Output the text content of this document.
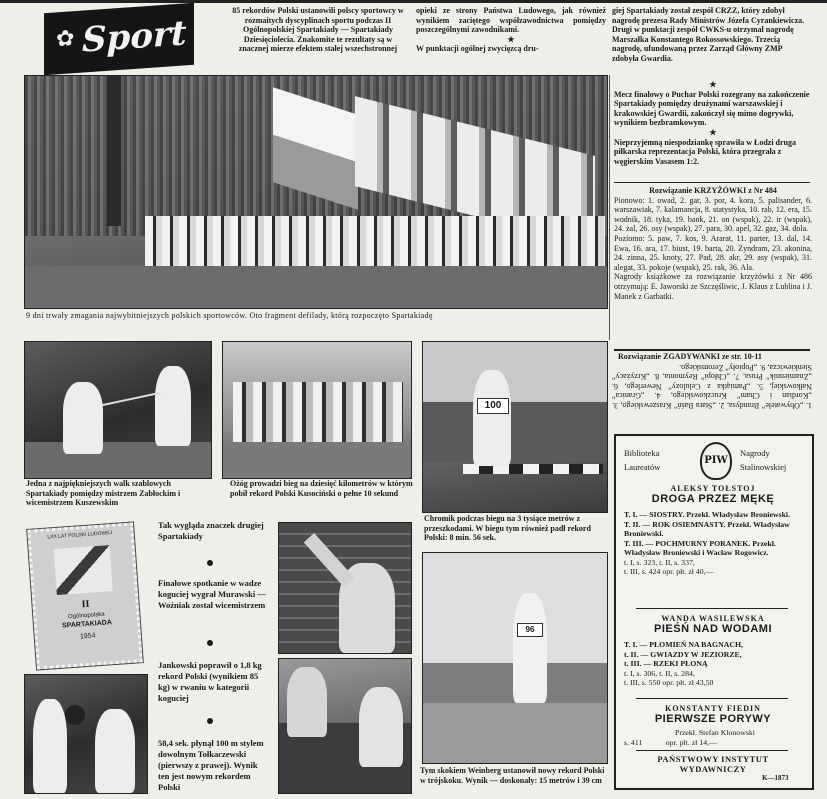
✿ Sport
85 rekordów Polski ustanowili polscy sportowcy w rozmaitych dyscyplinach sportu podczas II Ogólnopolskiej Spartakiady — Spartakiady Dziesięciolecia. Znakomite te rezultaty są w znacznej mierze efektem stałej wszechstronnej
opieki ze strony Państwa Ludowego, jak również wynikiem zaciętego współzawodnictwa pomiędzy poszczególnymi zawodnikami.
★
W punktacji ogólnej zwycięzcą dru-
giej Spartakiady został zespół CRZZ, który zdobył nagrodę prezesa Rady Ministrów Józefa Cyrankiewicza. Drugi w punktacji zespół CWKS-u otrzymał nagrodę Marszałka Konstantego Rokossowskiego. Trzecią nagrodę, ufundowaną przez Zarząd Główny ZMP zdobyła Gwardia.
9 dni trwały zmagania najwybitniejszych polskich sportowców. Oto fragment defilady, którą rozpoczęto Spartakiadę
★
Mecz finałowy o Puchar Polski rozegrany na zakończenie Spartakiady pomiędzy drużynami warszawskiej i krakowskiej Gwardii, zakończył się mimo dogrywki, wynikiem bezbramkowym.
★
Nieprzyjemną niespodziankę sprawiła w Łodzi druga piłkarska reprezentacja Polski, która przegrała z węgierskim Vasasem 1:2.
Rozwiązanie KRZYŻÓWKI z Nr 484
Pionowo: 1. owad, 2. gar, 3. por, 4. kora, 5. palisander, 6. warszawiak, 7. kalamancja, 8. statystyka, 10. rab, 12. era, 15. wodnik, 18. tyka, 19. bank, 21. on (wspak), 22. ir (wspak), 24. żal, 26. osy (wspak), 27. para, 30. apel, 32. gaz, 34. dola.
Poziomo: 5. paw, 7. kos, 9. Ararat, 11. parter, 13. dal, 14. Ewa, 16. ara, 17. biust, 19. barta, 20. Zyndram, 23. akonina, 24. zinna, 25. knoty, 27. Pad, 28. akr, 29. asy (wspak), 31. alegat, 33. pokoje (wspak), 25. rak, 36. Ala.
Nagrody książkowe za rozwiązanie krzyżówki z Nr 486 otrzymują: E. Jaworski ze Szczęśliwic, J. Klaus z Lublina i J. Manek z Garbatki.
Rozwiązanie ZGADYWANKI ze str. 10-11
1. „Obywatele” Brandysa, 2. „Stara Baśń” Kraszewskiego, 3. „Kordian i Cham” Kruczkowskiego, 4. „Granica” Nałkowskiej, 5. „Pamiątka z Celulozy” Newerlego, 6. „Znamiennik” Prusa, 7. „Chłopi” Reymonta, 8. „Krzyżacy” Sienkiewicza, 9. „Popioły” Żeromskiego.
Biblioteka
Laureatów
PIW
Nagrody
Stalinowskiej
ALEKSY TOŁSTOJ
DROGA PRZEZ MĘKĘ
T. I. — SIOSTRY. Przekł. Władysław Broniewski.
T. II. — ROK OSIEMNASTY. Przekł. Władysław Broniewski.
T. III. — POCHMURNY PORANEK. Przekł. Władysław Broniewski i Wacław Rogowicz.
t. I, s. 323, t. II, s. 337,
t. III, s. 424 opr. płt. zł 40,—
WANDA WASILEWSKA
PIEŚŃ NAD WODAMI
T. I. — PŁOMIEŃ NA BAGNACH,
t. II. — GWIAZDY W JEZIORZE,
t. III. — RZEKI PŁONĄ
t. I, s. 306, t. II, s. 284,
t. III, s. 550 opr. płt. zł 43,50
KONSTANTY FIEDIN
PIERWSZE PORYWY
Przekł. Stefan Klonowski
s. 411            opr. płt. zł 14,—
PAŃSTWOWY INSTYTUT
WYDAWNICZY
K—1873
Jedna z najpiękniejszych walk szablowych Spartakiady pomiędzy mistrzem Zabłockim i wicemistrzem Kuszewskim
Ożóg prowadzi bieg na dziesięć kilometrów w którym pobił rekord Polski Kusociński o pełne 10 sekund
100
Chromik podczas biegu na 3 tysiące metrów z przeszkodami. W biegu tym również padł rekord Polski: 8 min. 56 sek.
LXX LAT POLSKI LUDOWEJ
II
Ogólnopolska
SPARTAKIADA
1954
Tak wygląda znaczek drugiej Spartakiady
Finałowe spotkanie w wadze koguciej wygrał Murawski — Woźniak został wicemistrzem
Jankowski poprawił o 1,8 kg rekord Polski (wynikiem 85 kg) w rwaniu w kategorii koguciej
58,4 sek. płynął 100 m stylem dowolnym Tołkaczewski (pierwszy z prawej). Wynik ten jest nowym rekordem Polski
96
Tym skokiem Weinberg ustanowił nowy rekord Polski w trójskoku. Wynik — doskonały: 15 metrów i 39 cm
